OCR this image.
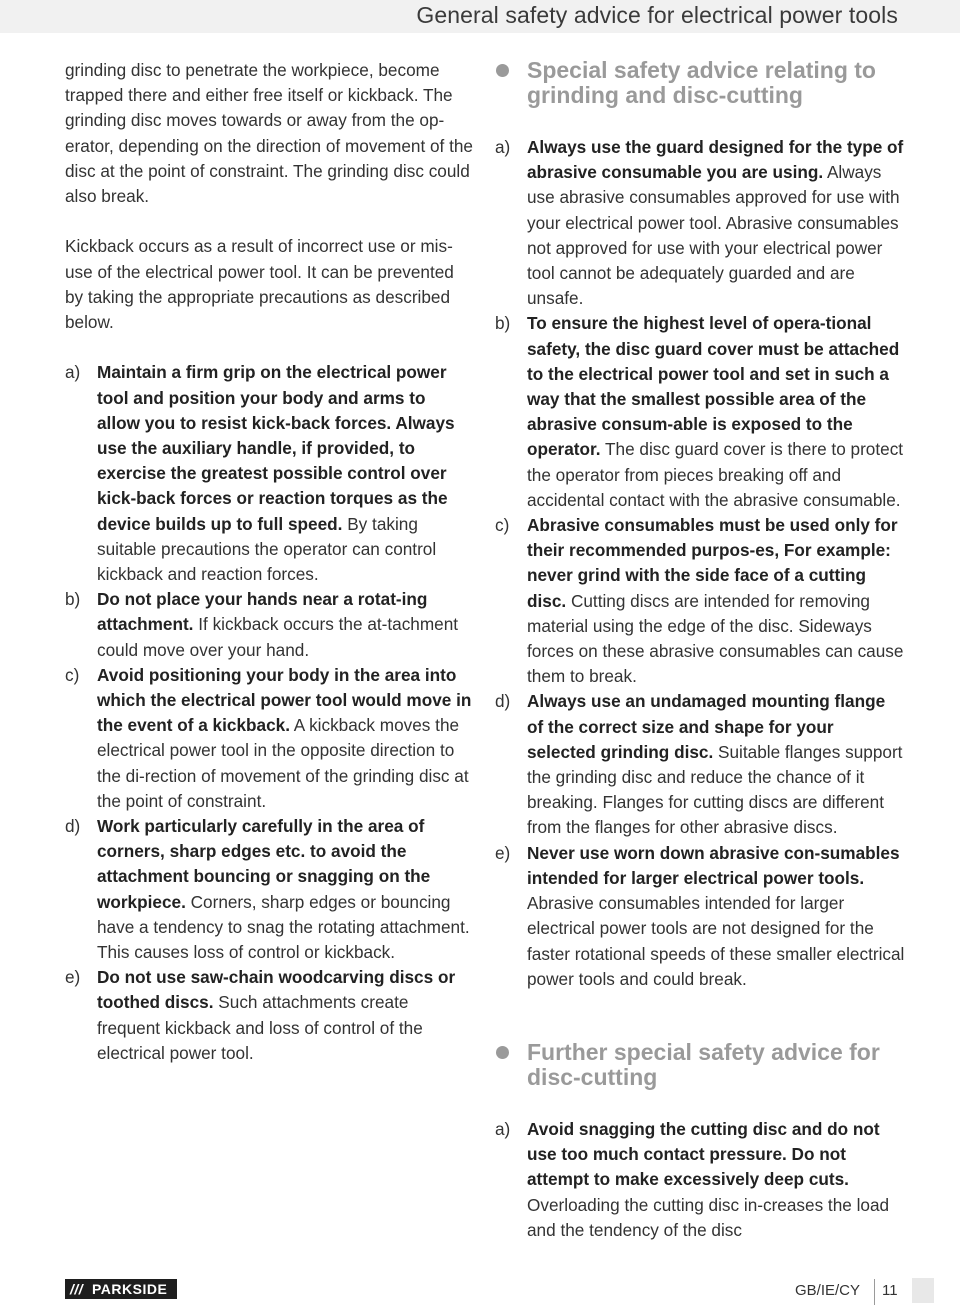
General safety advice for electrical power tools

grinding disc to penetrate the workpiece, become trapped there and either free itself or kickback. The grinding disc moves towards or away from the op-erator, depending on the direction of movement of the disc at the point of constraint. The grinding disc could also break.

Kickback occurs as a result of incorrect use or mis-use of the electrical power tool. It can be prevented by taking the appropriate precautions as described below.

a) Maintain a firm grip on the electrical power tool and position your body and arms to allow you to resist kick-back forces. Always use the auxiliary handle, if provided, to exercise the greatest possible control over kick-back forces or reaction torques as the device builds up to full speed. By taking suitable precautions the operator can control kickback and reaction forces.
b) Do not place your hands near a rotat-ing attachment. If kickback occurs the at-tachment could move over your hand.
c) Avoid positioning your body in the area into which the electrical power tool would move in the event of a kickback. A kickback moves the electrical power tool in the opposite direction to the di-rection of movement of the grinding disc at the point of constraint.
d) Work particularly carefully in the area of corners, sharp edges etc. to avoid the attachment bouncing or snagging on the workpiece. Corners, sharp edges or bouncing have a tendency to snag the rotating attachment. This causes loss of control or kickback.
e) Do not use saw-chain woodcarving discs or toothed discs. Such attachments create frequent kickback and loss of control of the electrical power tool.
Special safety advice relating to grinding and disc-cutting
a) Always use the guard designed for the type of abrasive consumable you are using. Always use abrasive consumables approved for use with your electrical power tool. Abrasive consumables not approved for use with your electrical power tool cannot be adequately guarded and are unsafe.
b) To ensure the highest level of opera-tional safety, the disc guard cover must be attached to the electrical power tool and set in such a way that the smallest possible area of the abrasive consum-able is exposed to the operator. The disc guard cover is there to protect the operator from pieces breaking off and accidental contact with the abrasive consumable.
c) Abrasive consumables must be used only for their recommended purpos-es, For example: never grind with the side face of a cutting disc. Cutting discs are intended for removing material using the edge of the disc. Sideways forces on these abrasive consumables can cause them to break.
d) Always use an undamaged mounting flange of the correct size and shape for your selected grinding disc. Suitable flanges support the grinding disc and reduce the chance of it breaking. Flanges for cutting discs are different from the flanges for other abrasive discs.
e) Never use worn down abrasive con-sumables intended for larger electrical power tools. Abrasive consumables intended for larger electrical power tools are not designed for the faster rotational speeds of these smaller electrical power tools and could break.
Further special safety advice for disc-cutting
a) Avoid snagging the cutting disc and do not use too much contact pressure. Do not attempt to make excessively deep cuts. Overloading the cutting disc in-creases the load and the tendency of the disc
/// PARKSIDE	GB/IE/CY 11
